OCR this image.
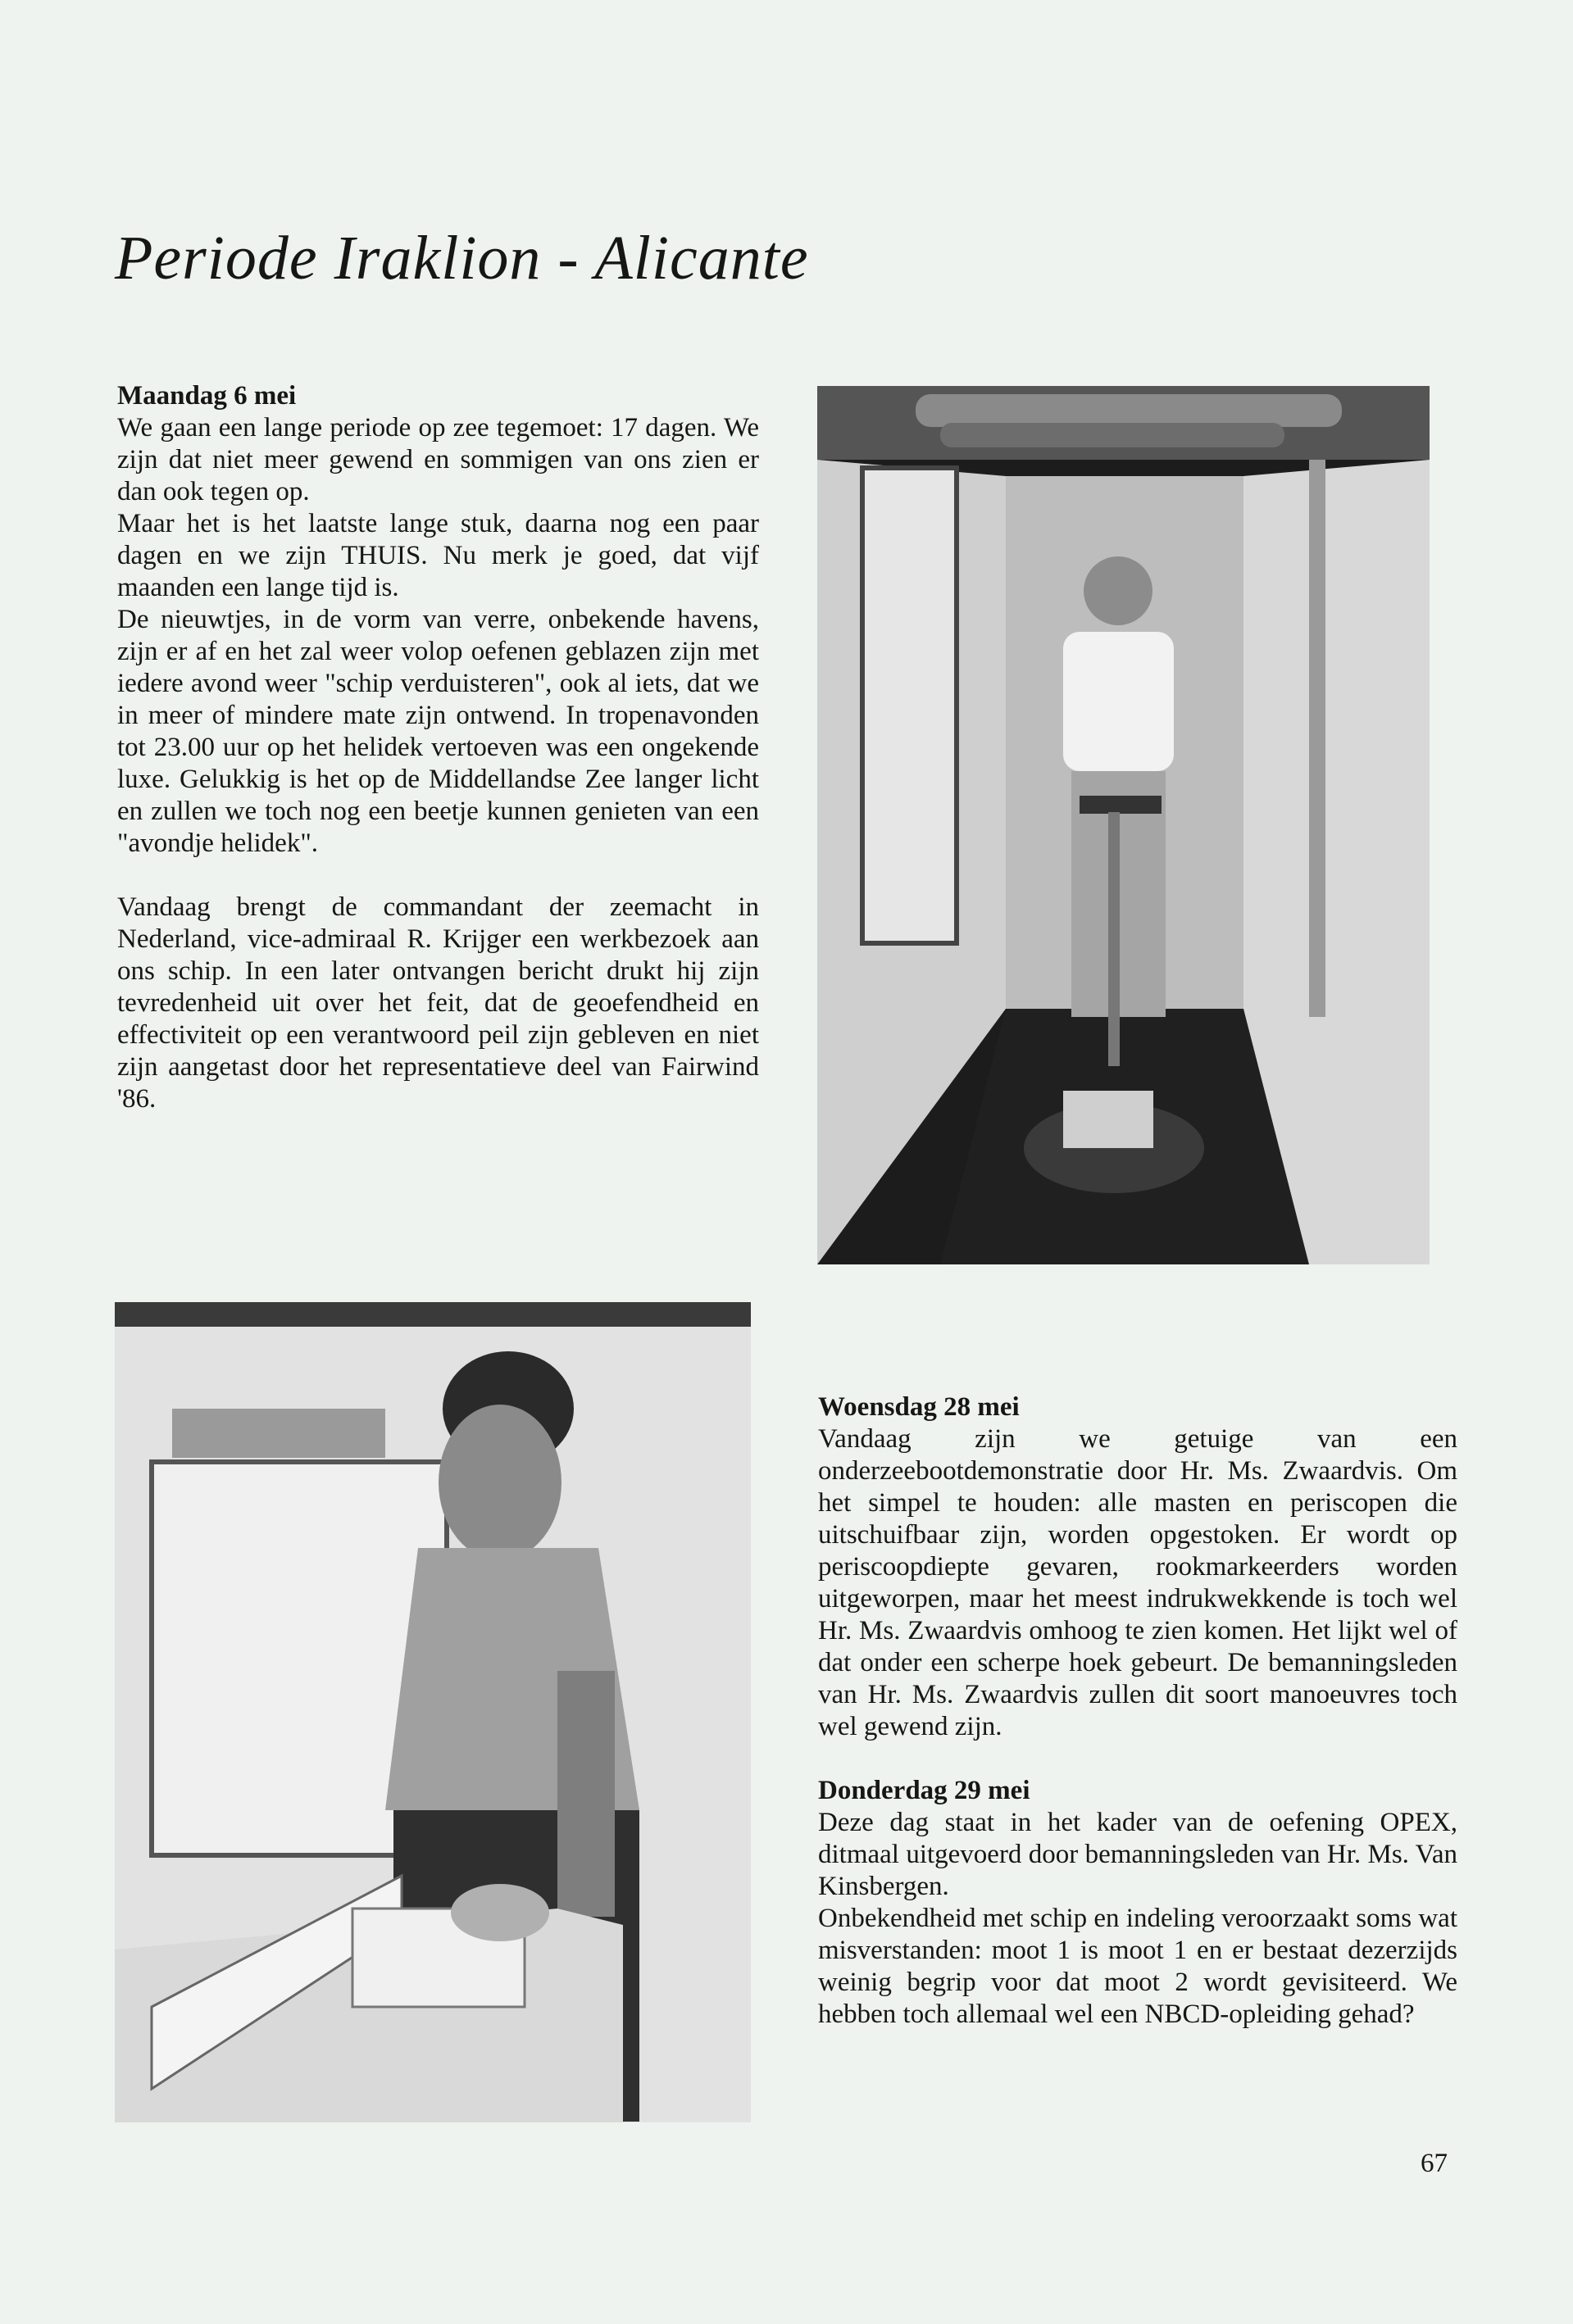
Periode Iraklion - Alicante

Maandag 6 mei

We gaan een lange periode op zee tegemoet: 17 dagen. We zijn dat niet meer gewend en sommigen van ons zien er dan ook tegen op.

Maar het is het laatste lange stuk, daarna nog een paar dagen en we zijn THUIS. Nu merk je goed, dat vijf maanden een lange tijd is.

De nieuwtjes, in de vorm van verre, onbekende havens, zijn er af en het zal weer volop oefenen geblazen zijn met iedere avond weer "schip verduisteren", ook al iets, dat we in meer of mindere mate zijn ontwend. In tropenavonden tot 23.00 uur op het helidek vertoeven was een ongekende luxe. Gelukkig is het op de Middellandse Zee langer licht en zullen we toch nog een beetje kunnen genieten van een "avondje helidek".

Vandaag brengt de commandant der zeemacht in Nederland, vice-admiraal R. Krijger een werkbezoek aan ons schip. In een later ontvangen bericht drukt hij zijn tevredenheid uit over het feit, dat de geoefendheid en effectiviteit op een verantwoord peil zijn gebleven en niet zijn aangetast door het representatieve deel van Fairwind '86.

Woensdag 28 mei

Vandaag zijn we getuige van een onderzeebootdemonstratie door Hr. Ms. Zwaardvis. Om het simpel te houden: alle masten en periscopen die uitschuifbaar zijn, worden opgestoken. Er wordt op periscoopdiepte gevaren, rookmarkeerders worden uitgeworpen, maar het meest indrukwekkende is toch wel Hr. Ms. Zwaardvis omhoog te zien komen. Het lijkt wel of dat onder een scherpe hoek gebeurt. De bemanningsleden van Hr. Ms. Zwaardvis zullen dit soort manoeuvres toch wel gewend zijn.

Donderdag 29 mei

Deze dag staat in het kader van de oefening OPEX, ditmaal uitgevoerd door bemanningsleden van Hr. Ms. Van Kinsbergen.

Onbekendheid met schip en indeling veroorzaakt soms wat misverstanden: moot 1 is moot 1 en er bestaat dezerzijds weinig begrip voor dat moot 2 wordt gevisiteerd. We hebben toch allemaal wel een NBCD-opleiding gehad?

67
